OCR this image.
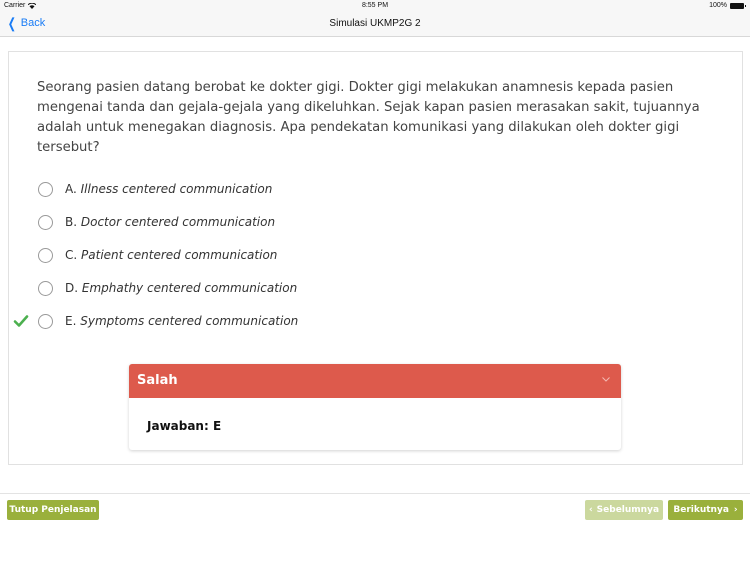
Carrier	8:55 PM	100%
❮ Back	Simulasi UKMP2G 2
Seorang pasien datang berobat ke dokter gigi. Dokter gigi melakukan anamnesis kepada pasien mengenai tanda dan gejala-gejala yang dikeluhkan. Sejak kapan pasien merasakan sakit, tujuannya adalah untuk menegakan diagnosis. Apa pendekatan komunikasi yang dilakukan oleh dokter gigi tersebut?
A. Illness centered communication
B. Doctor centered communication
C. Patient centered communication
D. Emphathy centered communication
E. Symptoms centered communication
Salah
Jawaban: E
Tutup Penjelasan	‹ Sebelumnya Berikutnya ›
